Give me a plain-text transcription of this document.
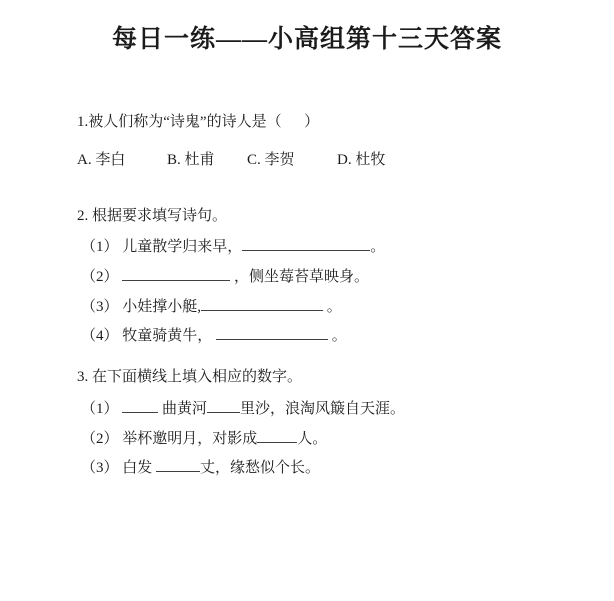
每日一练——小高组第十三天答案

1.被人们称为“诗鬼”的诗人是（      ）

A. 李白	B. 杜甫 C. 李贺	D. 杜牧

2. 根据要求填写诗句。

（1） 儿童散学归来早，	。

（2）	，侧坐莓苔草映身。

（3） 小娃撑小艇,	。

（4） 牧童骑黄牛，	。

3. 在下面横线上填入相应的数字。

（1）  曲黄河 里沙，浪淘风簸自天涯。

（2） 举杯邀明月，对影成	人。

（3） 白发	丈，缘愁似个长。
